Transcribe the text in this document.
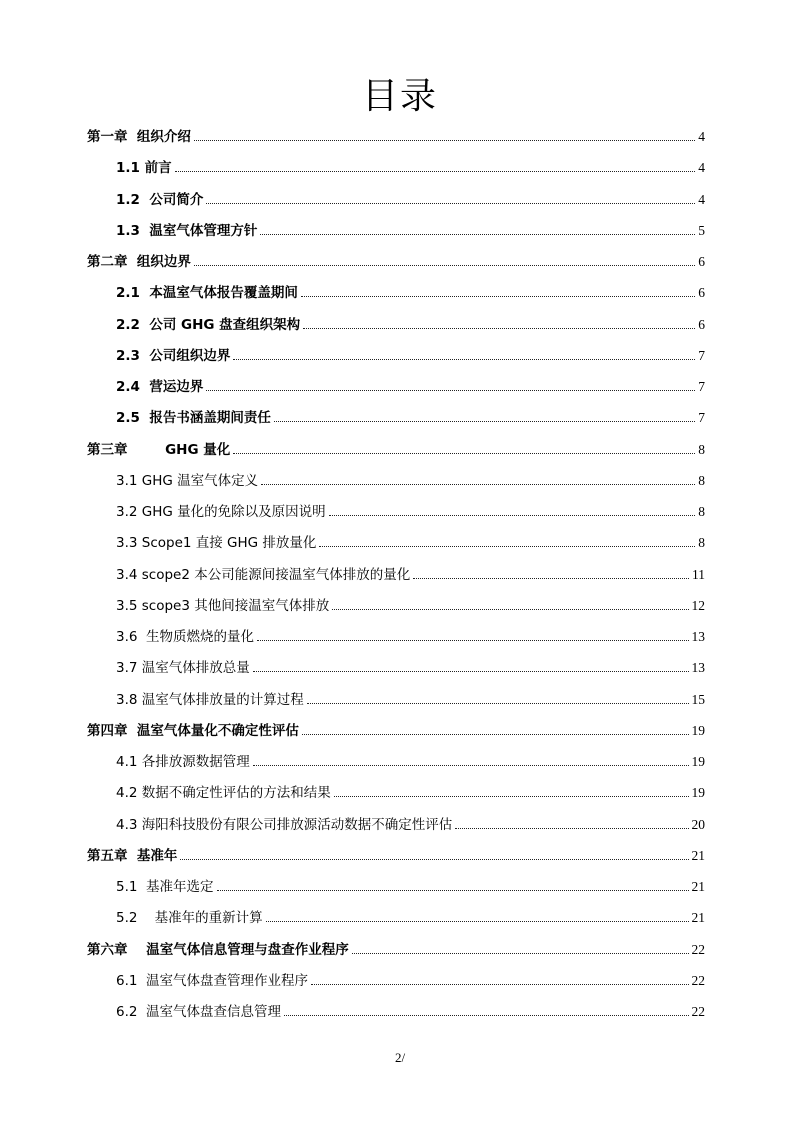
目录
第一章  组织介绍	4
1.1 前言	4
1.2  公司简介	4
1.3  温室气体管理方针	5
第二章  组织边界	6
2.1  本温室气体报告覆盖期间	6
2.2  公司 GHG 盘查组织架构	6
2.3  公司组织边界	7
2.4  营运边界	7
2.5  报告书涵盖期间责任	7
第三章        GHG 量化	8
3.1 GHG 温室气体定义	8
3.2 GHG 量化的免除以及原因说明	8
3.3 Scope1 直接 GHG 排放量化	8
3.4 scope2 本公司能源间接温室气体排放的量化	11
3.5 scope3 其他间接温室气体排放	12
3.6  生物质燃烧的量化	13
3.7 温室气体排放总量	13
3.8 温室气体排放量的计算过程	15
第四章  温室气体量化不确定性评估	19
4.1 各排放源数据管理	19
4.2 数据不确定性评估的方法和结果	19
4.3 海阳科技股份有限公司排放源活动数据不确定性评估	20
第五章  基准年	21
5.1  基准年选定	21
5.2    基准年的重新计算	21
第六章    温室气体信息管理与盘查作业程序	22
6.1  温室气体盘查管理作业程序	22
6.2  温室气体盘查信息管理	22
2/
